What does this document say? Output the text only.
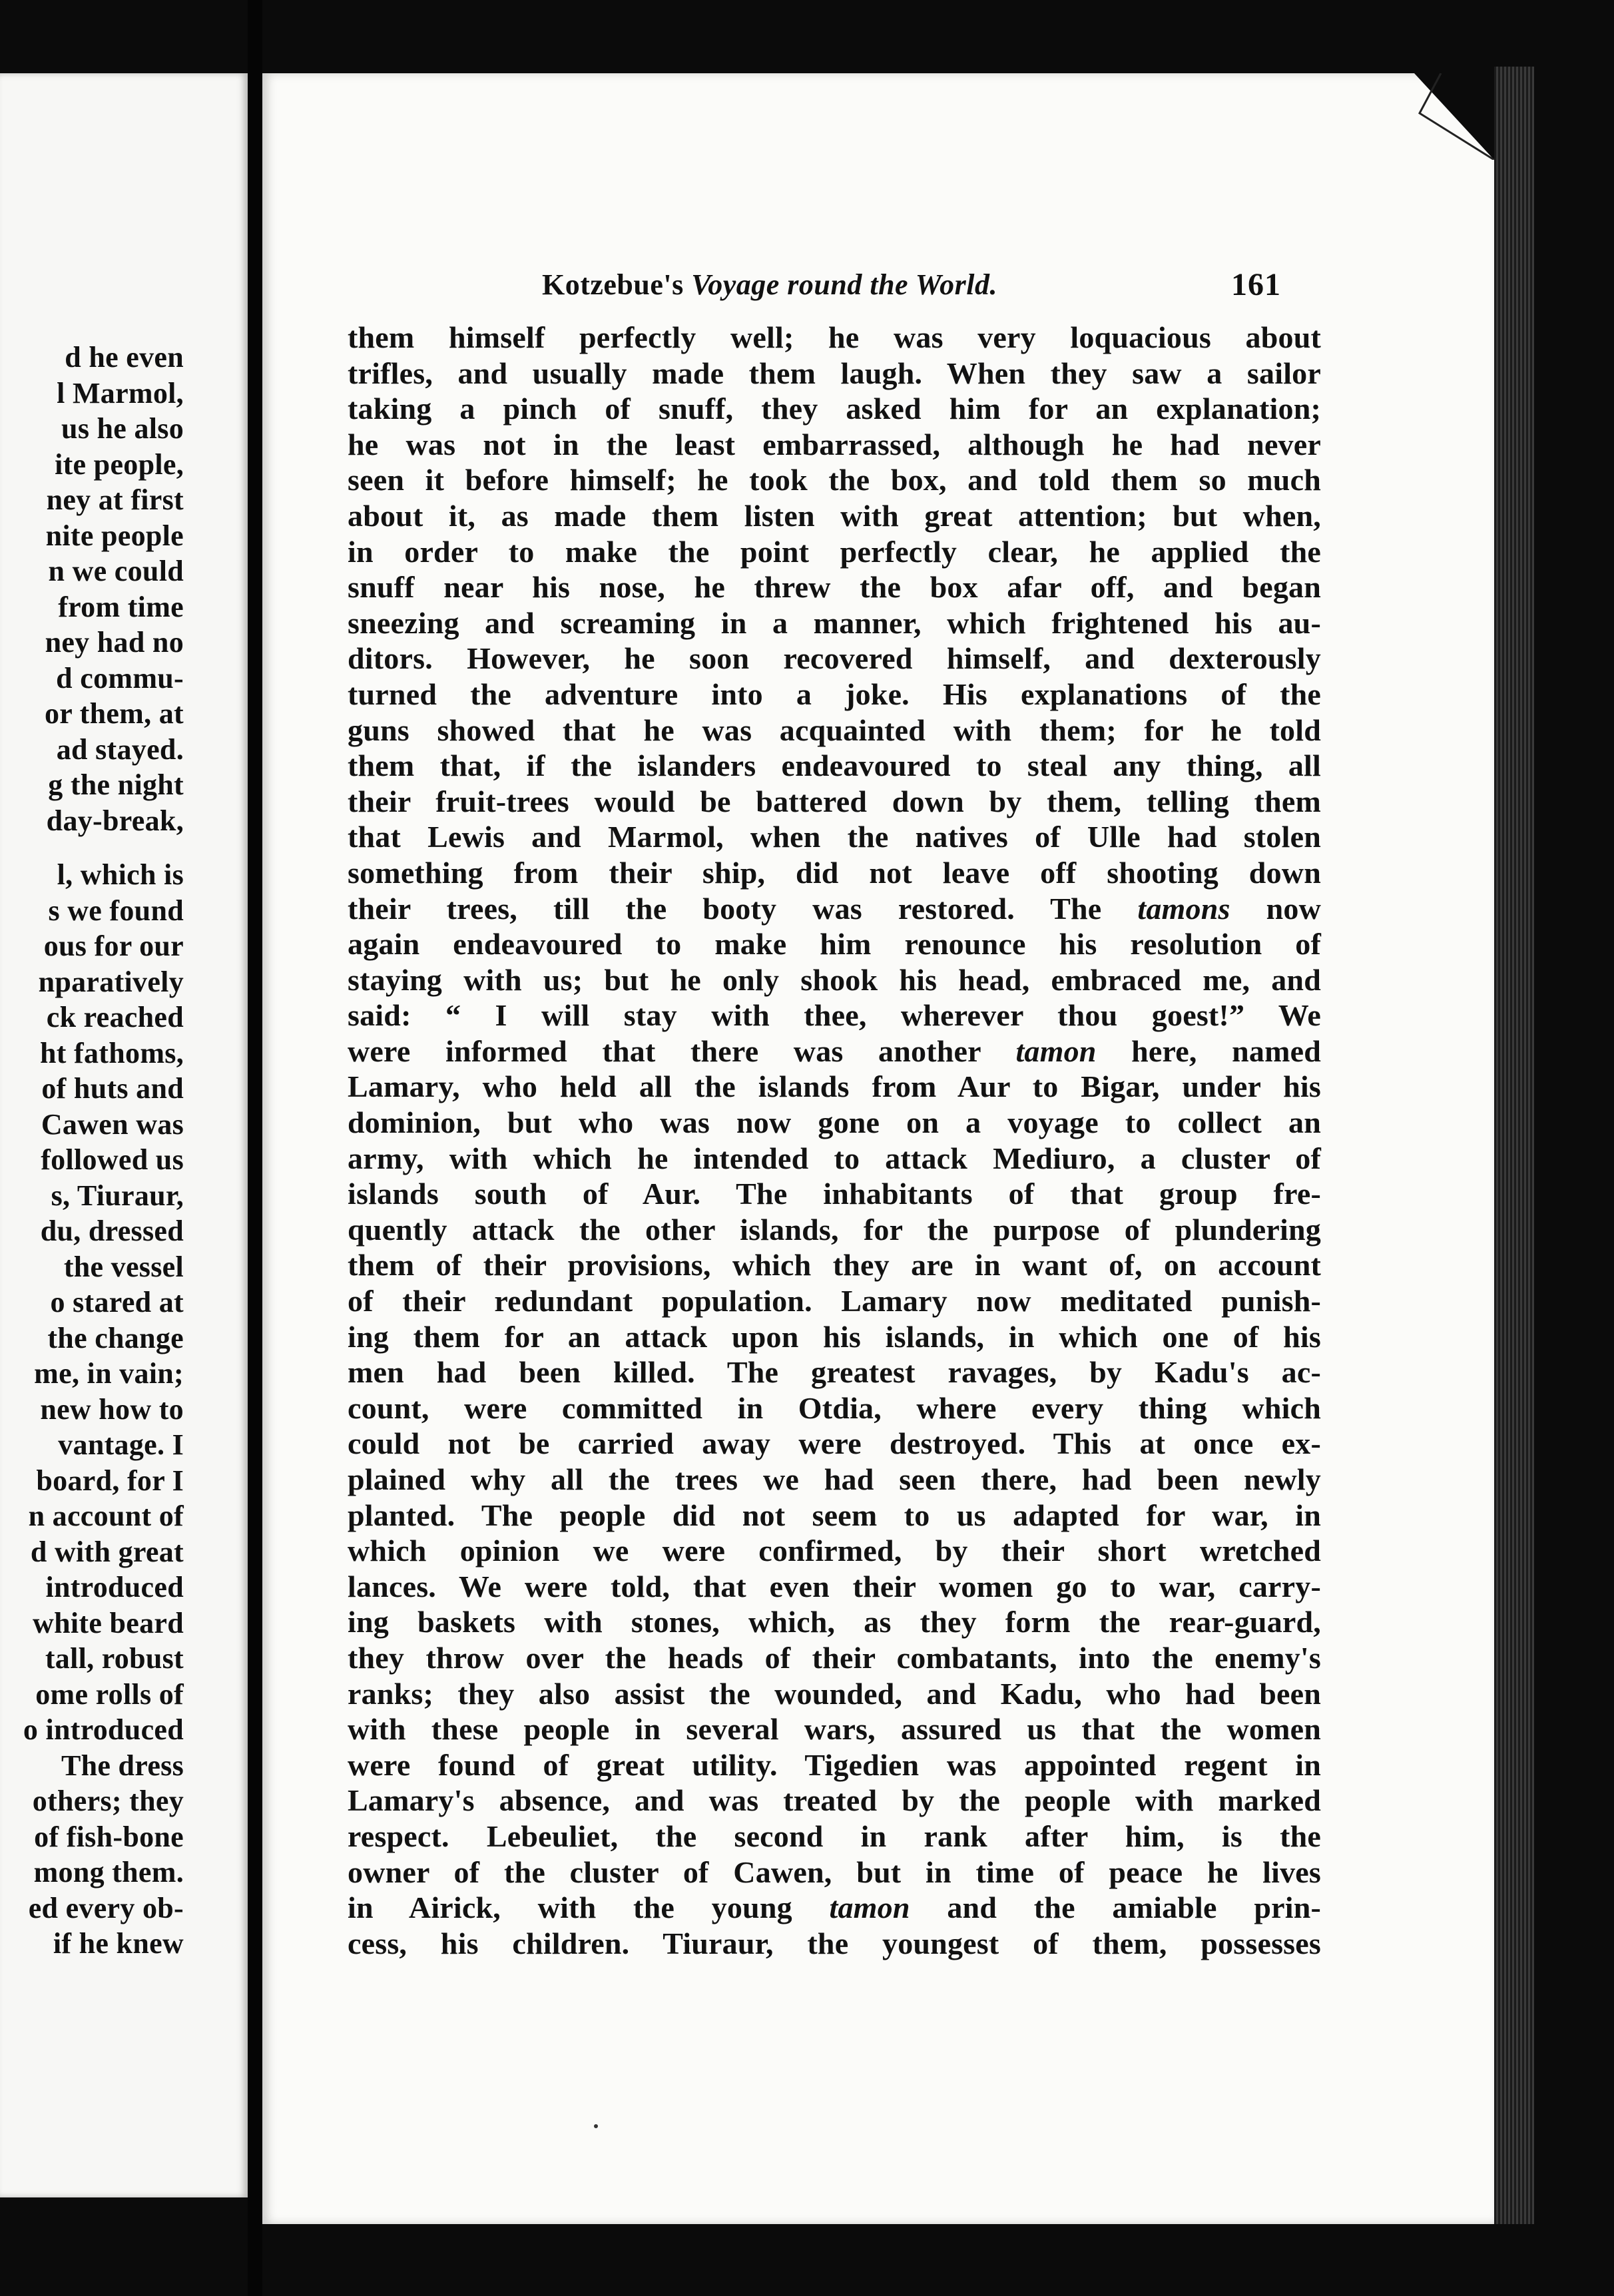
d he even
l Marmol,
us he also
ite people,
ney at first
nite people
n we could
from time
ney had no
d commu-
or them, at
ad stayed.
g the night
day-break,
l, which is
s we found
ous for our
nparatively
ck reached
ht fathoms,
of huts and
Cawen was
followed us
s, Tiuraur,
du, dressed
the vessel
o stared at
the change
me, in vain;
new how to
vantage. I
board, for I
n account of
d with great
introduced
white beard
tall, robust
ome rolls of
o introduced
The dress
others; they
of fish-bone
mong them.
ed every ob-
if he knew
Kotzebue's Voyage round the World.	161
them himself perfectly well; he was very loquacious about
trifles, and usually made them laugh. When they saw a sailor
taking a pinch of snuff, they asked him for an explanation;
he was not in the least embarrassed, although he had never
seen it before himself; he took the box, and told them so much
about it, as made them listen with great attention; but when,
in order to make the point perfectly clear, he applied the
snuff near his nose, he threw the box afar off, and began
sneezing and screaming in a manner, which frightened his au-
ditors. However, he soon recovered himself, and dexterously
turned the adventure into a joke. His explanations of the
guns showed that he was acquainted with them; for he told
them that, if the islanders endeavoured to steal any thing, all
their fruit-trees would be battered down by them, telling them
that Lewis and Marmol, when the natives of Ulle had stolen
something from their ship, did not leave off shooting down
their trees, till the booty was restored. The tamons now
again endeavoured to make him renounce his resolution of
staying with us; but he only shook his head, embraced me, and
said: “ I will stay with thee, wherever thou goest!” We
were informed that there was another tamon here, named
Lamary, who held all the islands from Aur to Bigar, under his
dominion, but who was now gone on a voyage to collect an
army, with which he intended to attack Mediuro, a cluster of
islands south of Aur. The inhabitants of that group fre-
quently attack the other islands, for the purpose of plundering
them of their provisions, which they are in want of, on account
of their redundant population. Lamary now meditated punish-
ing them for an attack upon his islands, in which one of his
men had been killed. The greatest ravages, by Kadu's ac-
count, were committed in Otdia, where every thing which
could not be carried away were destroyed. This at once ex-
plained why all the trees we had seen there, had been newly
planted. The people did not seem to us adapted for war, in
which opinion we were confirmed, by their short wretched
lances. We were told, that even their women go to war, carry-
ing baskets with stones, which, as they form the rear-guard,
they throw over the heads of their combatants, into the enemy's
ranks; they also assist the wounded, and Kadu, who had been
with these people in several wars, assured us that the women
were found of great utility. Tigedien was appointed regent in
Lamary's absence, and was treated by the people with marked
respect. Lebeuliet, the second in rank after him, is the
owner of the cluster of Cawen, but in time of peace he lives
in Airick, with the young tamon and the amiable prin-
cess, his children. Tiuraur, the youngest of them, possesses
